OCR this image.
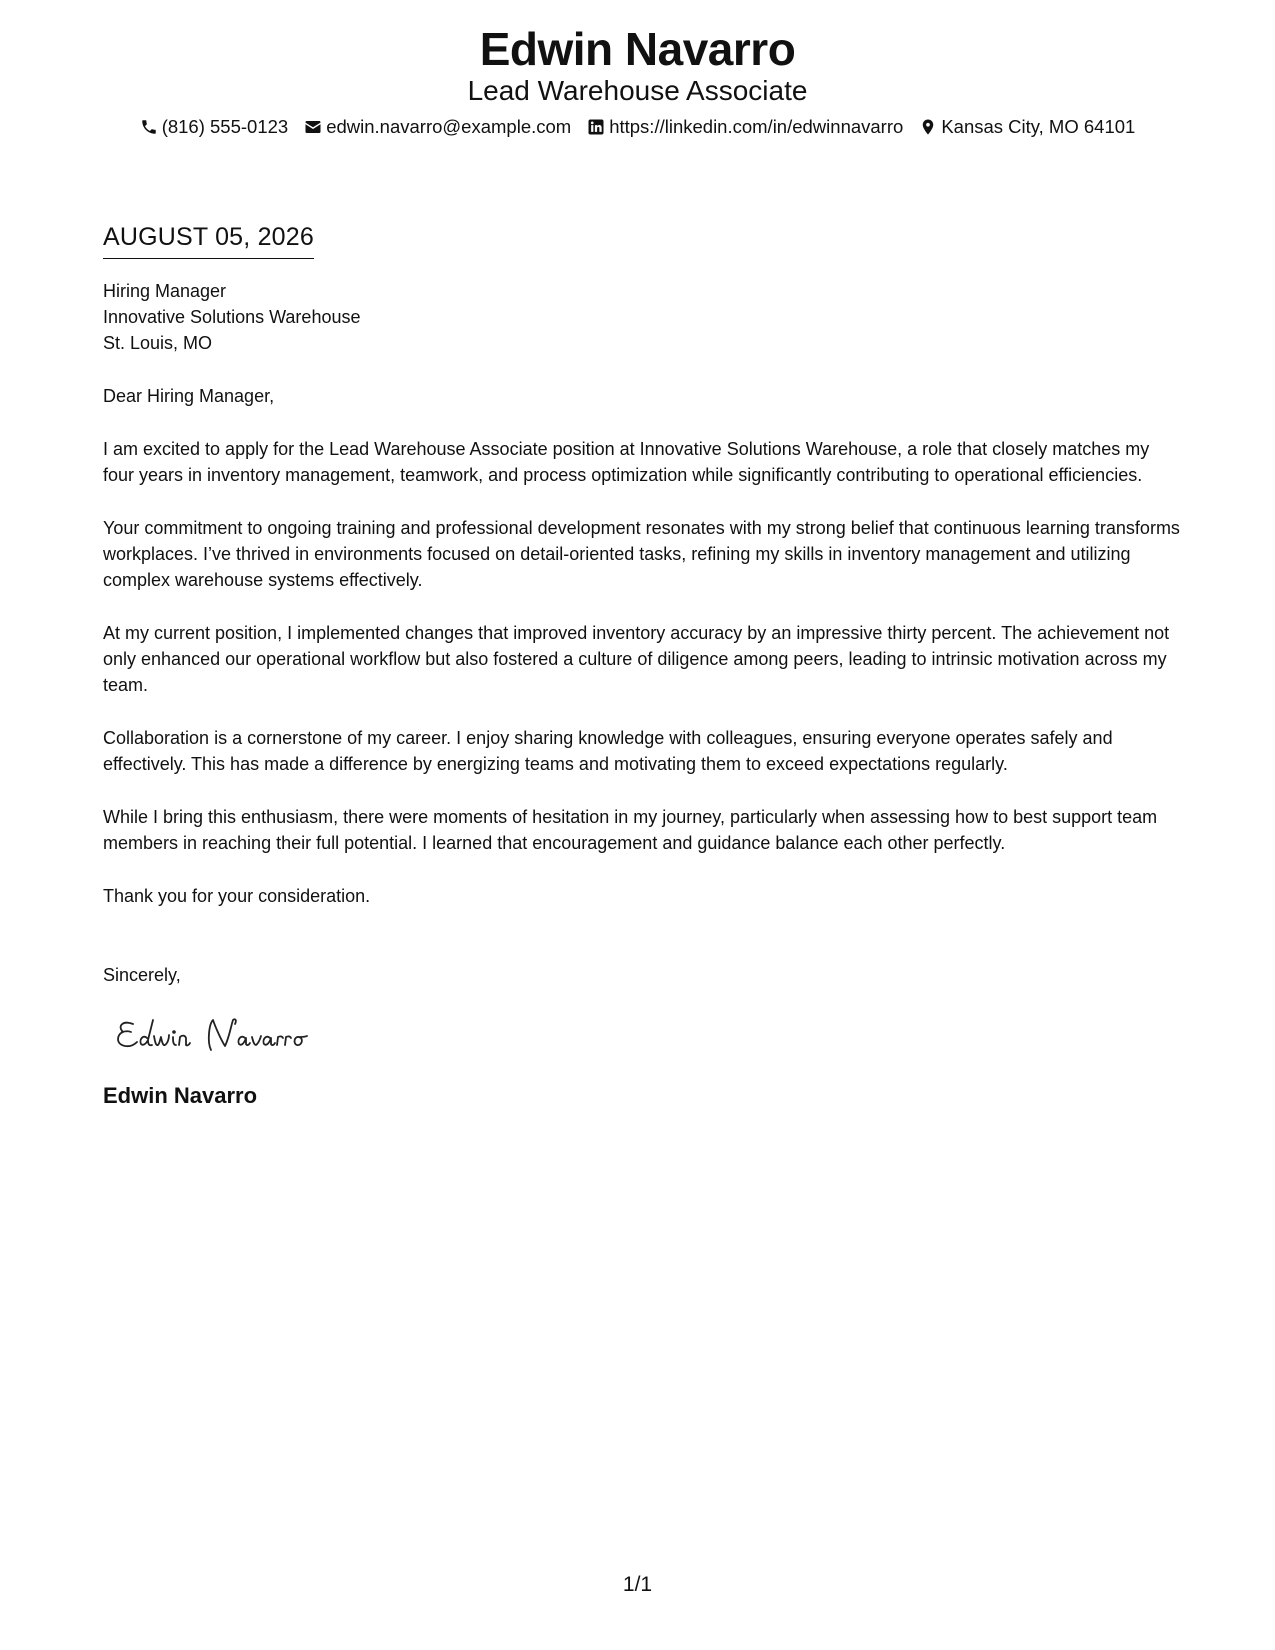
Edwin Navarro
Lead Warehouse Associate
(816) 555-0123 edwin.navarro@example.com https://linkedin.com/in/edwinnavarro Kansas City, MO 64101
AUGUST 05, 2026
Hiring Manager
Innovative Solutions Warehouse
St. Louis, MO
Dear Hiring Manager,
I am excited to apply for the Lead Warehouse Associate position at Innovative Solutions Warehouse, a role that closely matches my four years in inventory management, teamwork, and process optimization while significantly contributing to operational efficiencies.
Your commitment to ongoing training and professional development resonates with my strong belief that continuous learning transforms workplaces. I’ve thrived in environments focused on detail-oriented tasks, refining my skills in inventory management and utilizing complex warehouse systems effectively.
At my current position, I implemented changes that improved inventory accuracy by an impressive thirty percent. The achievement not only enhanced our operational workflow but also fostered a culture of diligence among peers, leading to intrinsic motivation across my team.
Collaboration is a cornerstone of my career. I enjoy sharing knowledge with colleagues, ensuring everyone operates safely and effectively. This has made a difference by energizing teams and motivating them to exceed expectations regularly.
While I bring this enthusiasm, there were moments of hesitation in my journey, particularly when assessing how to best support team members in reaching their full potential. I learned that encouragement and guidance balance each other perfectly.
Thank you for your consideration.
Sincerely,
Edwin Navarro
1/1
